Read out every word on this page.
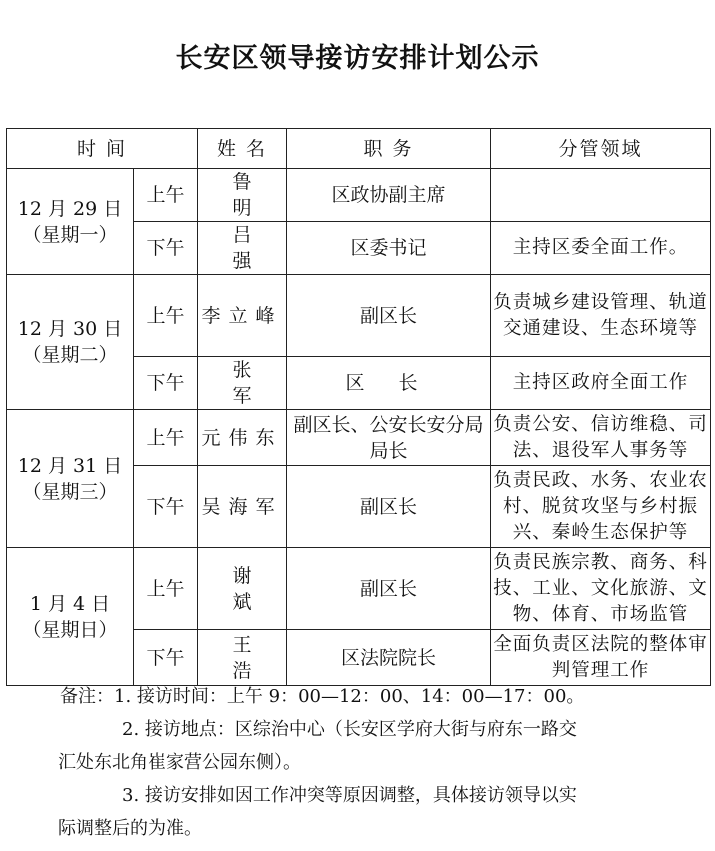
长安区领导接访安排计划公示
时 间		姓 名	职 务	分管领域

12 月 29 日
（星期一）	上午	鲁 明	区政协副主席	
	下午	吕 强	区委书记	主持区委全面工作。

12 月 30 日
（星期二）	上午	李立峰	副区长	负责城乡建设管理、轨道交通建设、生态环境等
	下午	张 军	区 长	主持区政府全面工作

12 月 31 日
（星期三）	上午	元伟东	副区长、公安长安分局局长	负责公安、信访维稳、司法、退役军人事务等
	下午	吴海军	副区长	负责民政、水务、农业农村、脱贫攻坚与乡村振兴、秦岭生态保护等

1 月 4 日
（星期日）	上午	谢 斌	副区长	负责民族宗教、商务、科技、工业、文化旅游、文物、体育、市场监管
	下午	王 浩	区法院院长	全面负责区法院的整体审判管理工作

备注：1. 接访时间：上午 9：00—12：00、14：00—17：00。

2. 接访地点：区综治中心（长安区学府大街与府东一路交

汇处东北角崔家营公园东侧）。

3. 接访安排如因工作冲突等原因调整，具体接访领导以实

际调整后的为准。
